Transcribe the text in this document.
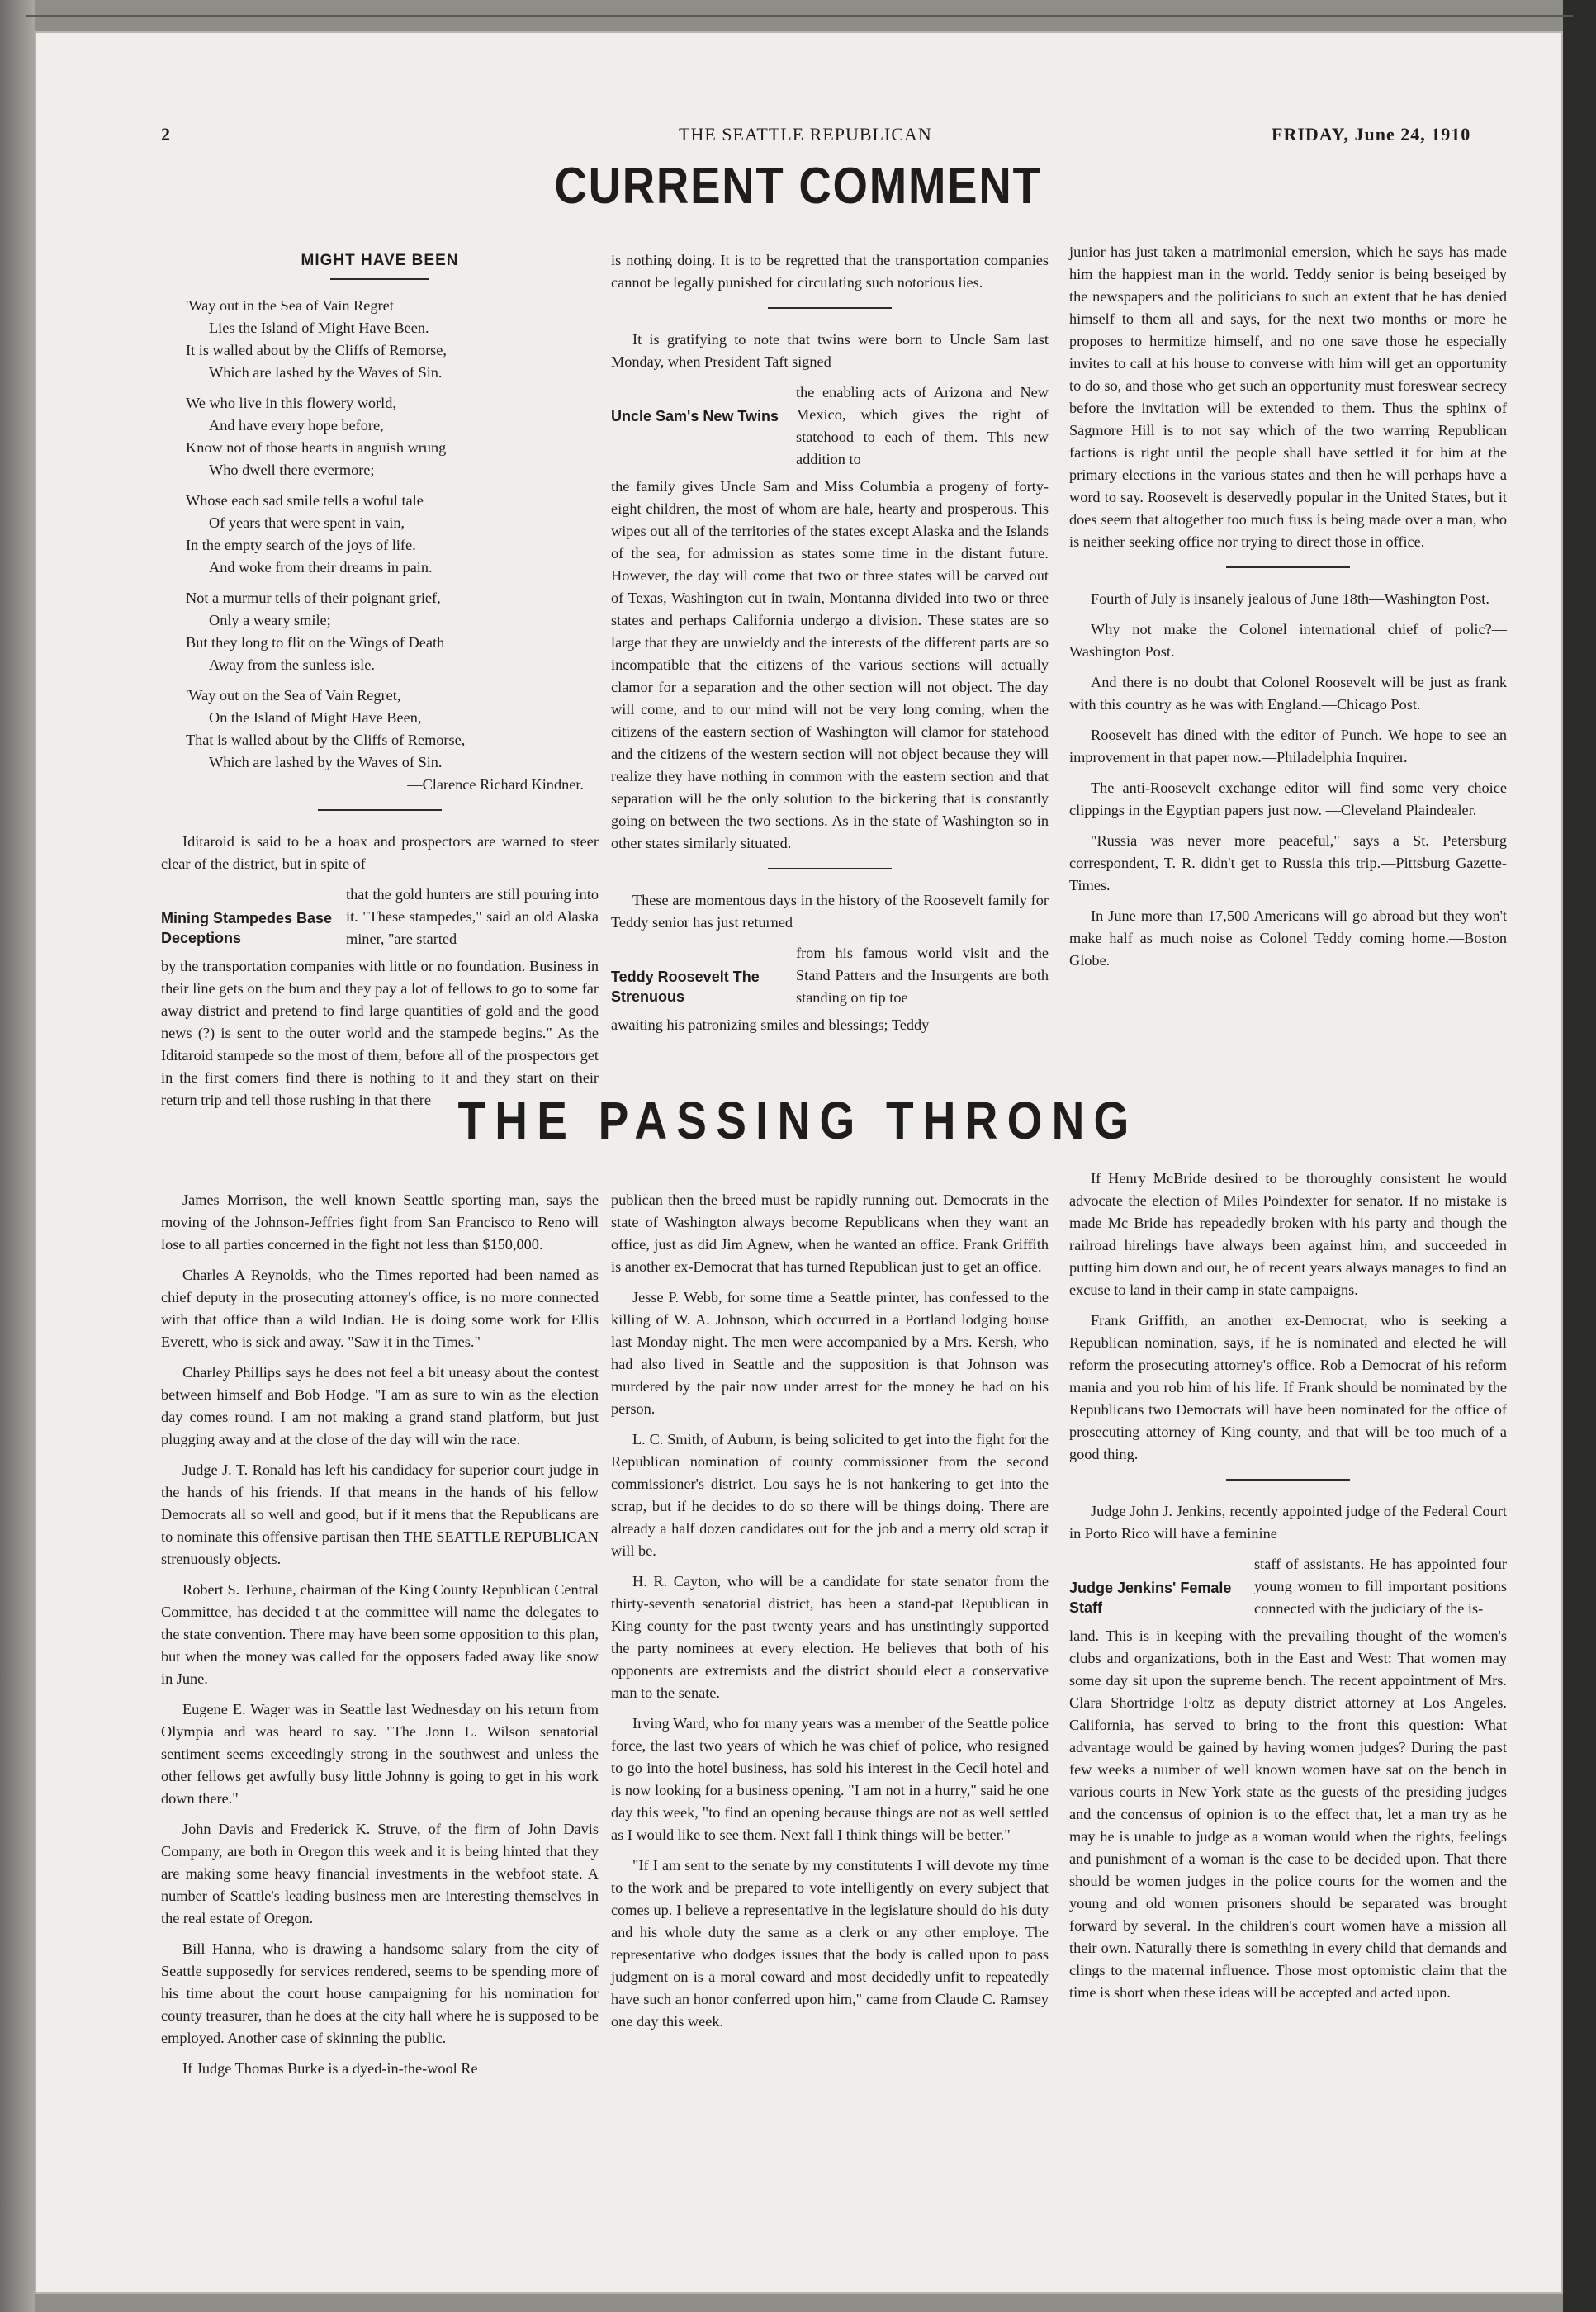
2	THE SEATTLE REPUBLICAN	FRIDAY, June 24, 1910
CURRENT COMMENT
MIGHT HAVE BEEN
'Way out in the Sea of Vain Regret
Lies the Island of Might Have Been.
It is walled about by the Cliffs of Remorse,
Which are lashed by the Waves of Sin.
We who live in this flowery world,
And have every hope before,
Know not of those hearts in anguish wrung
Who dwell there evermore;
Whose each sad smile tells a woful tale
Of years that were spent in vain,
In the empty search of the joys of life.
And woke from their dreams in pain.
Not a murmur tells of their poignant grief,
Only a weary smile;
But they long to flit on the Wings of Death
Away from the sunless isle.
'Way out on the Sea of Vain Regret,
On the Island of Might Have Been,
That is walled about by the Cliffs of Remorse,
Which are lashed by the Waves of Sin.
—Clarence Richard Kindner.

Iditaroid is said to be a hoax and prospectors are warned to steer clear of the district, but in spite of

Mining Stampedes Base Deceptions
that the gold hunters are still pouring into it. "These stampedes," said an old Alaska miner, "are started

by the transportation companies with little or no foundation. Business in their line gets on the bum and they pay a lot of fellows to go to some far away district and pretend to find large quantities of gold and the good news (?) is sent to the outer world and the stampede begins." As the Iditaroid stampede so the most of them, before all of the prospectors get in the first comers find there is nothing to it and they start on their return trip and tell those rushing in that there

is nothing doing. It is to be regretted that the transportation companies cannot be legally punished for circulating such notorious lies.

It is gratifying to note that twins were born to Uncle Sam last Monday, when President Taft signed

Uncle Sam's New Twins
the enabling acts of Arizona and New Mexico, which gives the right of statehood to each of them. This new addition to

the family gives Uncle Sam and Miss Columbia a progeny of forty-eight children, the most of whom are hale, hearty and prosperous. This wipes out all of the territories of the states except Alaska and the Islands of the sea, for admission as states some time in the distant future. However, the day will come that two or three states will be carved out of Texas, Washington cut in twain, Montanna divided into two or three states and perhaps California undergo a division. These states are so large that they are unwieldy and the interests of the different parts are so incompatible that the citizens of the various sections will actually clamor for a separation and the other section will not object. The day will come, and to our mind will not be very long coming, when the citizens of the eastern section of Washington will clamor for statehood and the citizens of the western section will not object because they will realize they have nothing in common with the eastern section and that separation will be the only solution to the bickering that is constantly going on between the two sections. As in the state of Washington so in other states similarly situated.

These are momentous days in the history of the Roosevelt family for Teddy senior has just returned

Teddy Roosevelt The Strenuous
from his famous world visit and the Stand Patters and the Insurgents are both standing on tip toe

awaiting his patronizing smiles and blessings; Teddy

junior has just taken a matrimonial emersion, which he says has made him the happiest man in the world. Teddy senior is being beseiged by the newspapers and the politicians to such an extent that he has denied himself to them all and says, for the next two months or more he proposes to hermitize himself, and no one save those he especially invites to call at his house to converse with him will get an opportunity to do so, and those who get such an opportunity must foreswear secrecy before the invitation will be extended to them. Thus the sphinx of Sagmore Hill is to not say which of the two warring Republican factions is right until the people shall have settled it for him at the primary elections in the various states and then he will perhaps have a word to say. Roosevelt is deservedly popular in the United States, but it does seem that altogether too much fuss is being made over a man, who is neither seeking office nor trying to direct those in office.

Fourth of July is insanely jealous of June 18th—Washington Post.

Why not make the Colonel international chief of polic?—Washington Post.

And there is no doubt that Colonel Roosevelt will be just as frank with this country as he was with England.—Chicago Post.

Roosevelt has dined with the editor of Punch. We hope to see an improvement in that paper now.—Philadelphia Inquirer.

The anti-Roosevelt exchange editor will find some very choice clippings in the Egyptian papers just now. —Cleveland Plaindealer.

"Russia was never more peaceful," says a St. Petersburg correspondent, T. R. didn't get to Russia this trip.—Pittsburg Gazette-Times.

In June more than 17,500 Americans will go abroad but they won't make half as much noise as Colonel Teddy coming home.—Boston Globe.

THE PASSING THRONG

James Morrison, the well known Seattle sporting man, says the moving of the Johnson-Jeffries fight from San Francisco to Reno will lose to all parties concerned in the fight not less than $150,000.

Charles A Reynolds, who the Times reported had been named as chief deputy in the prosecuting attorney's office, is no more connected with that office than a wild Indian. He is doing some work for Ellis Everett, who is sick and away. "Saw it in the Times."

Charley Phillips says he does not feel a bit uneasy about the contest between himself and Bob Hodge. "I am as sure to win as the election day comes round. I am not making a grand stand platform, but just plugging away and at the close of the day will win the race.

Judge J. T. Ronald has left his candidacy for superior court judge in the hands of his friends. If that means in the hands of his fellow Democrats all so well and good, but if it mens that the Republicans are to nominate this offensive partisan then THE SEATTLE REPUBLICAN strenuously objects.

Robert S. Terhune, chairman of the King County Republican Central Committee, has decided t at the committee will name the delegates to the state convention. There may have been some opposition to this plan, but when the money was called for the opposers faded away like snow in June.

Eugene E. Wager was in Seattle last Wednesday on his return from Olympia and was heard to say. "The Jonn L. Wilson senatorial sentiment seems exceedingly strong in the southwest and unless the other fellows get awfully busy little Johnny is going to get in his work down there."

John Davis and Frederick K. Struve, of the firm of John Davis Company, are both in Oregon this week and it is being hinted that they are making some heavy financial investments in the webfoot state. A number of Seattle's leading business men are interesting themselves in the real estate of Oregon.

Bill Hanna, who is drawing a handsome salary from the city of Seattle supposedly for services rendered, seems to be spending more of his time about the court house campaigning for his nomination for county treasurer, than he does at the city hall where he is supposed to be employed. Another case of skinning the public.

If Judge Thomas Burke is a dyed-in-the-wool Re

publican then the breed must be rapidly running out. Democrats in the state of Washington always become Republicans when they want an office, just as did Jim Agnew, when he wanted an office. Frank Griffith is another ex-Democrat that has turned Republican just to get an office.

Jesse P. Webb, for some time a Seattle printer, has confessed to the killing of W. A. Johnson, which occurred in a Portland lodging house last Monday night. The men were accompanied by a Mrs. Kersh, who had also lived in Seattle and the supposition is that Johnson was murdered by the pair now under arrest for the money he had on his person.

L. C. Smith, of Auburn, is being solicited to get into the fight for the Republican nomination of county commissioner from the second commissioner's district. Lou says he is not hankering to get into the scrap, but if he decides to do so there will be things doing. There are already a half dozen candidates out for the job and a merry old scrap it will be.

H. R. Cayton, who will be a candidate for state senator from the thirty-seventh senatorial district, has been a stand-pat Republican in King county for the past twenty years and has unstintingly supported the party nominees at every election. He believes that both of his opponents are extremists and the district should elect a conservative man to the senate.

Irving Ward, who for many years was a member of the Seattle police force, the last two years of which he was chief of police, who resigned to go into the hotel business, has sold his interest in the Cecil hotel and is now looking for a business opening. "I am not in a hurry," said he one day this week, "to find an opening because things are not as well settled as I would like to see them. Next fall I think things will be better."

"If I am sent to the senate by my constitutents I will devote my time to the work and be prepared to vote intelligently on every subject that comes up. I believe a representative in the legislature should do his duty and his whole duty the same as a clerk or any other employe. The representative who dodges issues that the body is called upon to pass judgment on is a moral coward and most decidedly unfit to repeatedly have such an honor conferred upon him," came from Claude C. Ramsey one day this week.

If Henry McBride desired to be thoroughly consistent he would advocate the election of Miles Poindexter for senator. If no mistake is made Mc Bride has repeadedly broken with his party and though the railroad hirelings have always been against him, and succeeded in putting him down and out, he of recent years always manages to find an excuse to land in their camp in state campaigns.

Frank Griffith, an another ex-Democrat, who is seeking a Republican nomination, says, if he is nominated and elected he will reform the prosecuting attorney's office. Rob a Democrat of his reform mania and you rob him of his life. If Frank should be nominated by the Republicans two Democrats will have been nominated for the office of prosecuting attorney of King county, and that will be too much of a good thing.

Judge John J. Jenkins, recently appointed judge of the Federal Court in Porto Rico will have a feminine

Judge Jenkins' Female Staff
staff of assistants. He has appointed four young women to fill important positions connected with the judiciary of the is-

land. This is in keeping with the prevailing thought of the women's clubs and organizations, both in the East and West: That women may some day sit upon the supreme bench. The recent appointment of Mrs. Clara Shortridge Foltz as deputy district attorney at Los Angeles. California, has served to bring to the front this question: What advantage would be gained by having women judges? During the past few weeks a number of well known women have sat on the bench in various courts in New York state as the guests of the presiding judges and the concensus of opinion is to the effect that, let a man try as he may he is unable to judge as a woman would when the rights, feelings and punishment of a woman is the case to be decided upon. That there should be women judges in the police courts for the women and the young and old women prisoners should be separated was brought forward by several. In the children's court women have a mission all their own. Naturally there is something in every child that demands and clings to the maternal influence. Those most optomistic claim that the time is short when these ideas will be accepted and acted upon.
